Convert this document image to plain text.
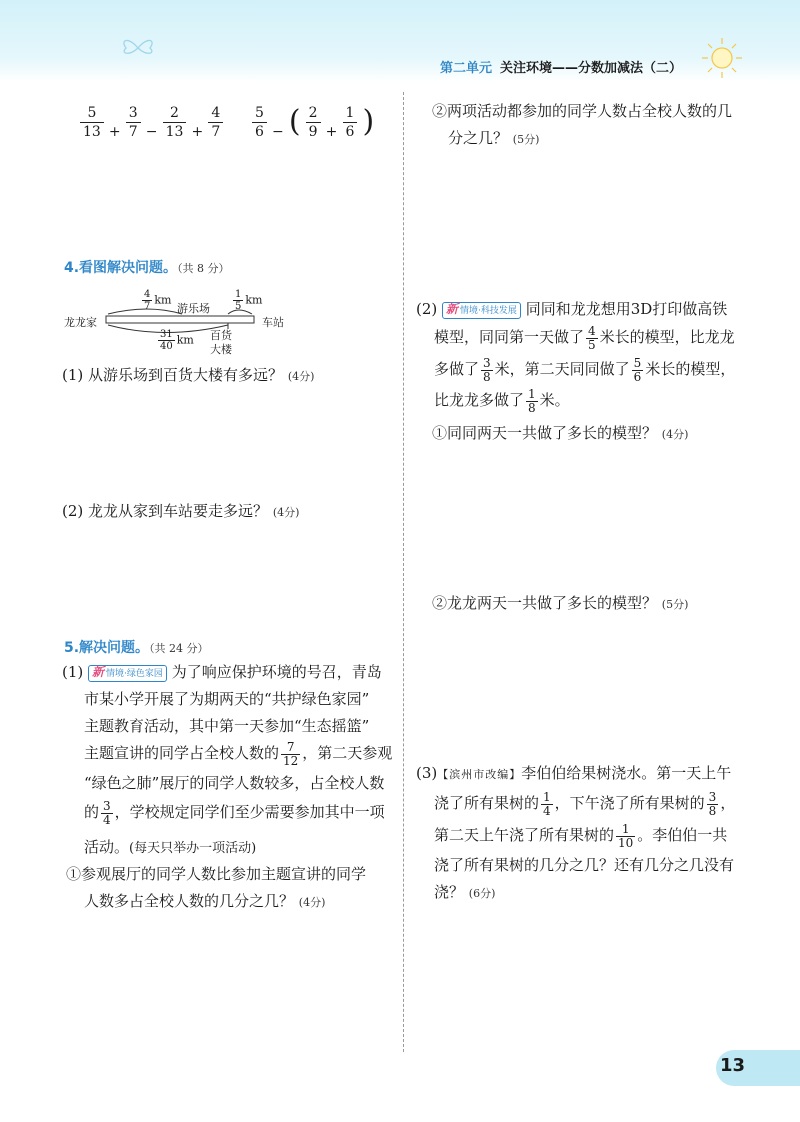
第二单元 关注环境——分数加减法（二）
$\frac{5}{13} + \frac{3}{7} - \frac{2}{13} + \frac{4}{7} \frac{5}{6}$ − ( $\frac{2}{9} + \frac{1}{6}$ )
4.看图解决问题。（共 8 分）
龙龙家	车站
游乐场
百货
大楼
$\frac{4}{7}$ km	$\frac{1}{5}$ km
$\frac{31}{40}$ km
(1) 从游乐场到百货大楼有多远？ (4分)
(2) 龙龙从家到车站要走多远？ (4分)
5.解决问题。（共 24 分）
(1) 新 情境·绿色家园 为了响应保护环境的号召，青岛
市某小学开展了为期两天的“共护绿色家园”
主题教育活动，其中第一天参加“生态摇篮”
主题宣讲的同学占全校人数的 $\frac{7}{12}$ ，第二天参观
“绿色之肺”展厅的同学人数较多，占全校人数
的 $\frac{3}{4}$ ，学校规定同学们至少需要参加其中一项
活动。(每天只举办一项活动)
①参观展厅的同学人数比参加主题宣讲的同学
人数多占全校人数的几分之几？ (4分)
②两项活动都参加的同学人数占全校人数的几
分之几？ (5分)
(2) 新 情境·科技发展 同同和龙龙想用3D打印做高铁
模型，同同第一天做了 $\frac{4}{5}$ 米长的模型，比龙龙
多做了 $\frac{3}{8}$ 米，第二天同同做了 $\frac{5}{6}$ 米长的模型，
比龙龙多做了 $\frac{1}{8}$ 米。
①同同两天一共做了多长的模型？ (4分)
②龙龙两天一共做了多长的模型？ (5分)
(3)【滨州市改编】李伯伯给果树浇水。第一天上午
浇了所有果树的 $\frac{1}{4}$ ，下午浇了所有果树的 $\frac{3}{8}$ ，
第二天上午浇了所有果树的 $\frac{1}{10}$ 。李伯伯一共
浇了所有果树的几分之几？还有几分之几没有
浇？ (6分)
13
